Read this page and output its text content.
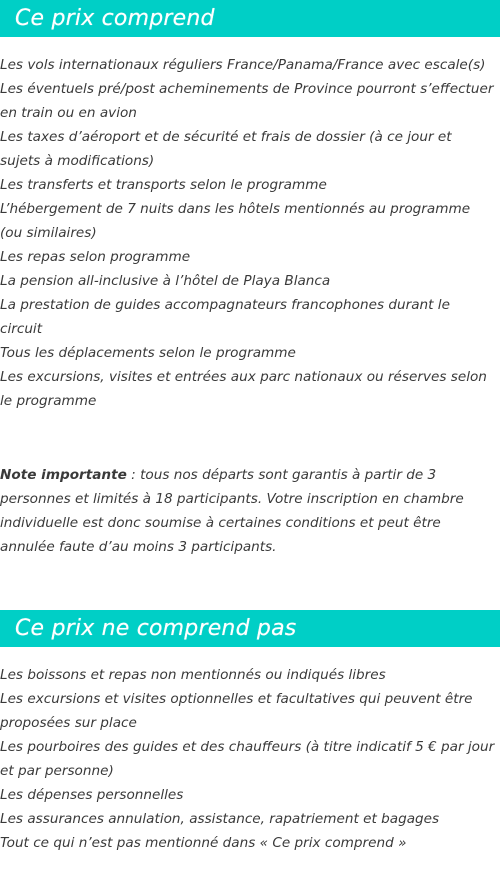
Ce prix comprend
Les vols internationaux réguliers France/Panama/France avec escale(s)
Les éventuels pré/post acheminements de Province pourront s’effectuer en train ou en avion
Les taxes d’aéroport et de sécurité et frais de dossier (à ce jour et sujets à modifications)
Les transferts et transports selon le programme
L’hébergement de 7 nuits dans les hôtels mentionnés au programme (ou similaires)
Les repas selon programme
La pension all-inclusive à l’hôtel de Playa Blanca
La prestation de guides accompagnateurs francophones durant le circuit
Tous les déplacements selon le programme
Les excursions, visites et entrées aux parc nationaux ou réserves selon le programme

Note importante : tous nos départs sont garantis à partir de 3 personnes et limités à 18 participants. Votre inscription en chambre individuelle est donc soumise à certaines conditions et peut être annulée faute d’au moins 3 participants.

Ce prix ne comprend pas
Les boissons et repas non mentionnés ou indiqués libres
Les excursions et visites optionnelles et facultatives qui peuvent être proposées sur place
Les pourboires des guides et des chauffeurs (à titre indicatif 5 € par jour et par personne)
Les dépenses personnelles
Les assurances annulation, assistance, rapatriement et bagages
Tout ce qui n’est pas mentionné dans « Ce prix comprend »
